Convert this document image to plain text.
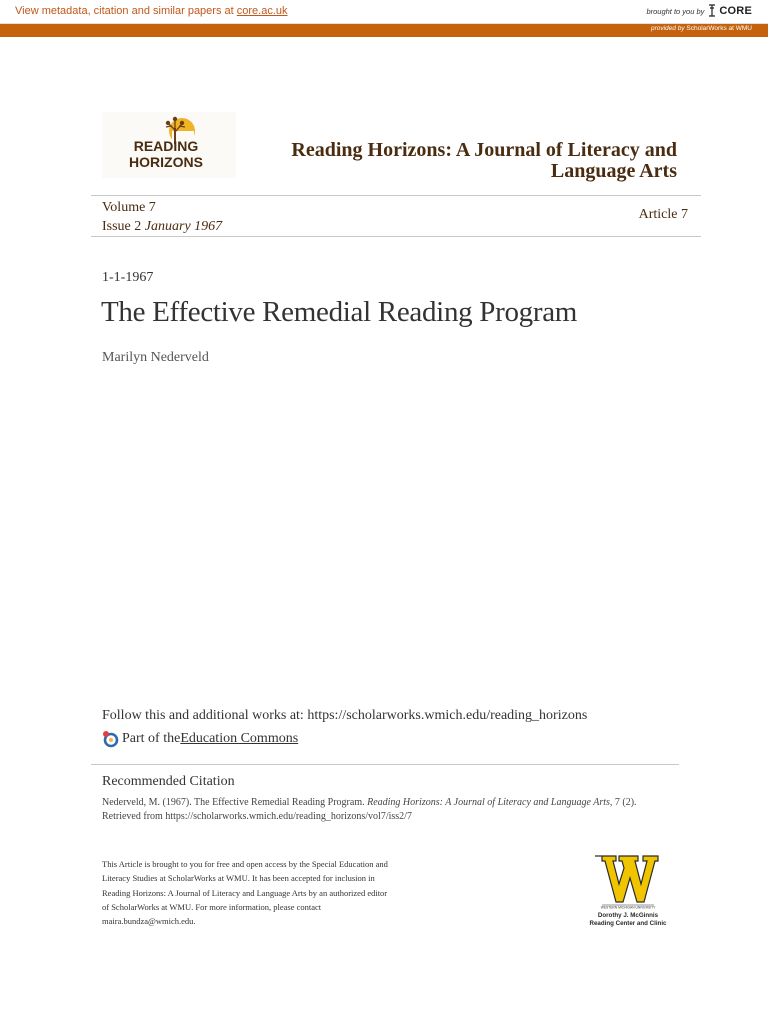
View metadata, citation and similar papers at core.ac.uk	brought to you by CORE
provided by ScholarWorks at WMU
READING
HORIZONS
Reading Horizons: A Journal of Literacy and
Language Arts
Volume 7
Issue 2 January 1967
Article 7
1-1-1967
The Effective Remedial Reading Program
Marilyn Nederveld
Follow this and additional works at: https://scholarworks.wmich.edu/reading_horizons
Part of the Education Commons
Recommended Citation
Nederveld, M. (1967). The Effective Remedial Reading Program. Reading Horizons: A Journal of Literacy and Language Arts, 7 (2).
Retrieved from https://scholarworks.wmich.edu/reading_horizons/vol7/iss2/7
This Article is brought to you for free and open access by the Special Education and Literacy Studies at ScholarWorks at WMU. It has been accepted for inclusion in Reading Horizons: A Journal of Literacy and Language Arts by an authorized editor of ScholarWorks at WMU. For more information, please contact maira.bundza@wmich.edu.
WESTERN MICHIGAN UNIVERSITY
Dorothy J. McGinnis
Reading Center and Clinic
